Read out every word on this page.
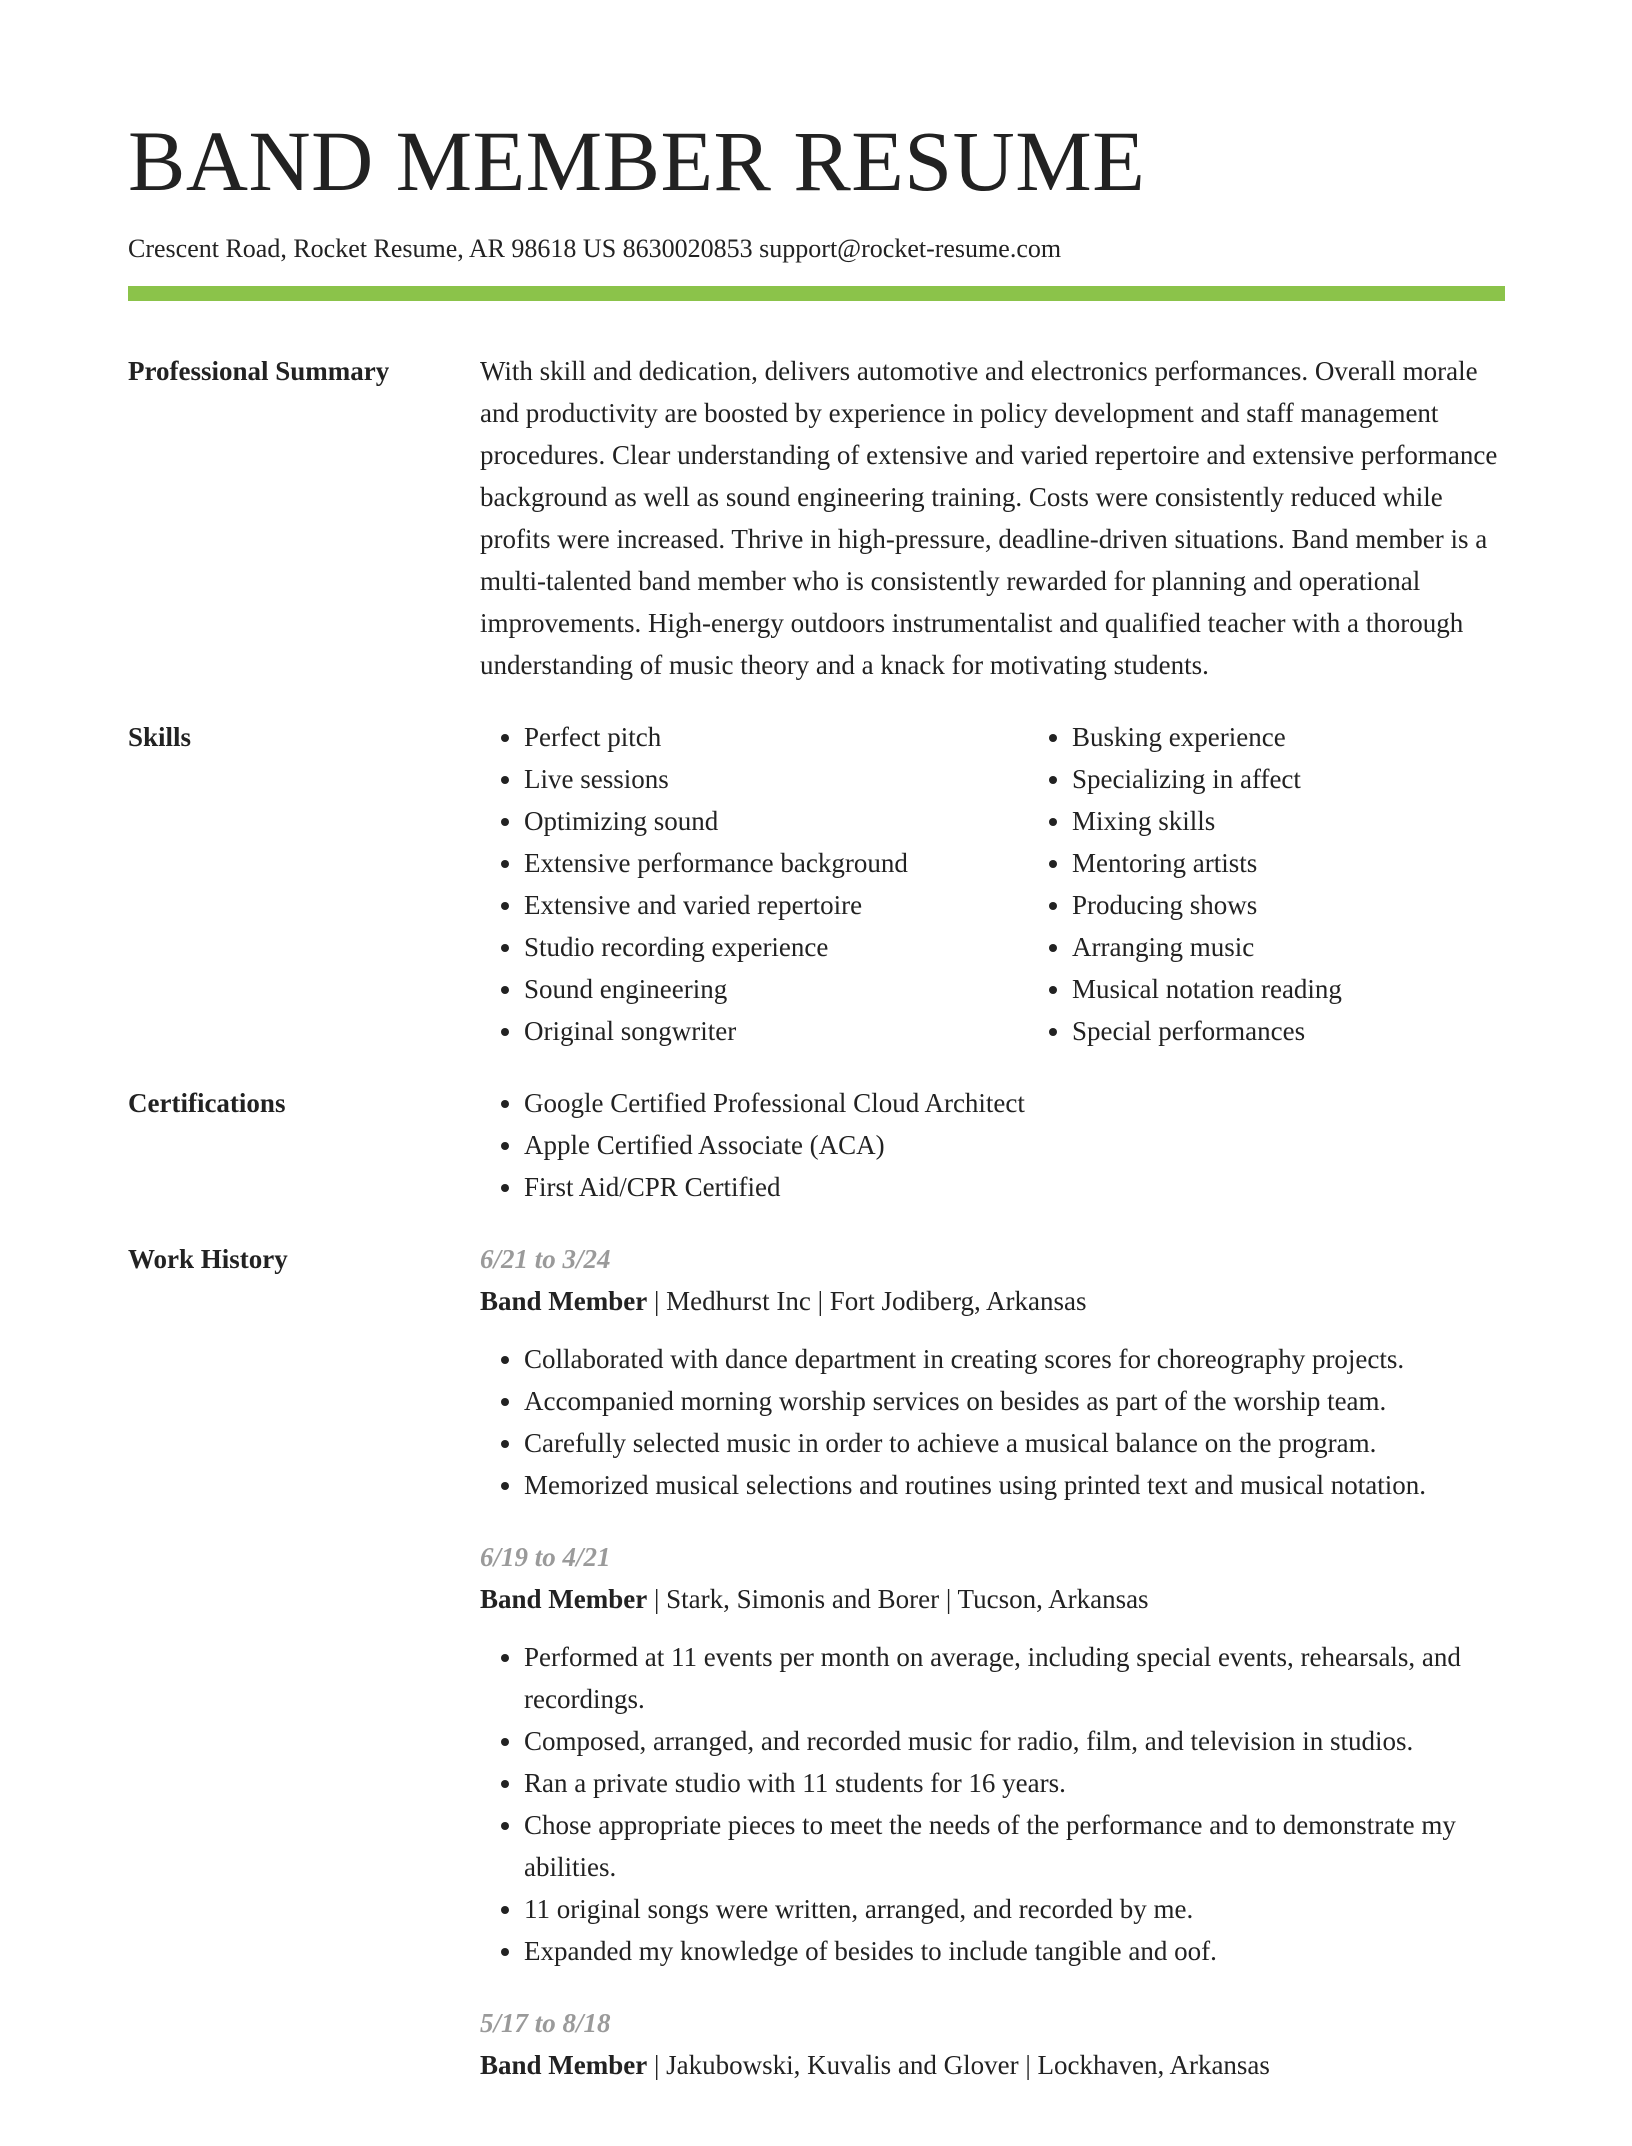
BAND MEMBER RESUME
Crescent Road, Rocket Resume, AR 98618 US 8630020853 support@rocket-resume.com
Professional Summary	With skill and dedication, delivers automotive and electronics performances. Overall morale and productivity are boosted by experience in policy development and staff management procedures. Clear understanding of extensive and varied repertoire and extensive performance background as well as sound engineering training. Costs were consistently reduced while profits were increased. Thrive in high-pressure, deadline-driven situations. Band member is a multi-talented band member who is consistently rewarded for planning and operational improvements. High-energy outdoors instrumentalist and qualified teacher with a thorough understanding of music theory and a knack for motivating students.

Skills	• Perfect pitch
• Live sessions
• Optimizing sound
• Extensive performance background
• Extensive and varied repertoire
• Studio recording experience
• Sound engineering
• Original songwriter
• Busking experience
• Specializing in affect
• Mixing skills
• Mentoring artists
• Producing shows
• Arranging music
• Musical notation reading
• Special performances
Certifications	• Google Certified Professional Cloud Architect
• Apple Certified Associate (ACA)
• First Aid/CPR Certified
Work History	6/21 to 3/24
Band Member | Medhurst Inc | Fort Jodiberg, Arkansas
• Collaborated with dance department in creating scores for choreography projects.
• Accompanied morning worship services on besides as part of the worship team.
• Carefully selected music in order to achieve a musical balance on the program.
• Memorized musical selections and routines using printed text and musical notation.
6/19 to 4/21
Band Member | Stark, Simonis and Borer | Tucson, Arkansas
• Performed at 11 events per month on average, including special events, rehearsals, and recordings.
• Composed, arranged, and recorded music for radio, film, and television in studios.
• Ran a private studio with 11 students for 16 years.
• Chose appropriate pieces to meet the needs of the performance and to demonstrate my abilities.
• 11 original songs were written, arranged, and recorded by me.
• Expanded my knowledge of besides to include tangible and oof.
5/17 to 8/18
Band Member | Jakubowski, Kuvalis and Glover | Lockhaven, Arkansas
